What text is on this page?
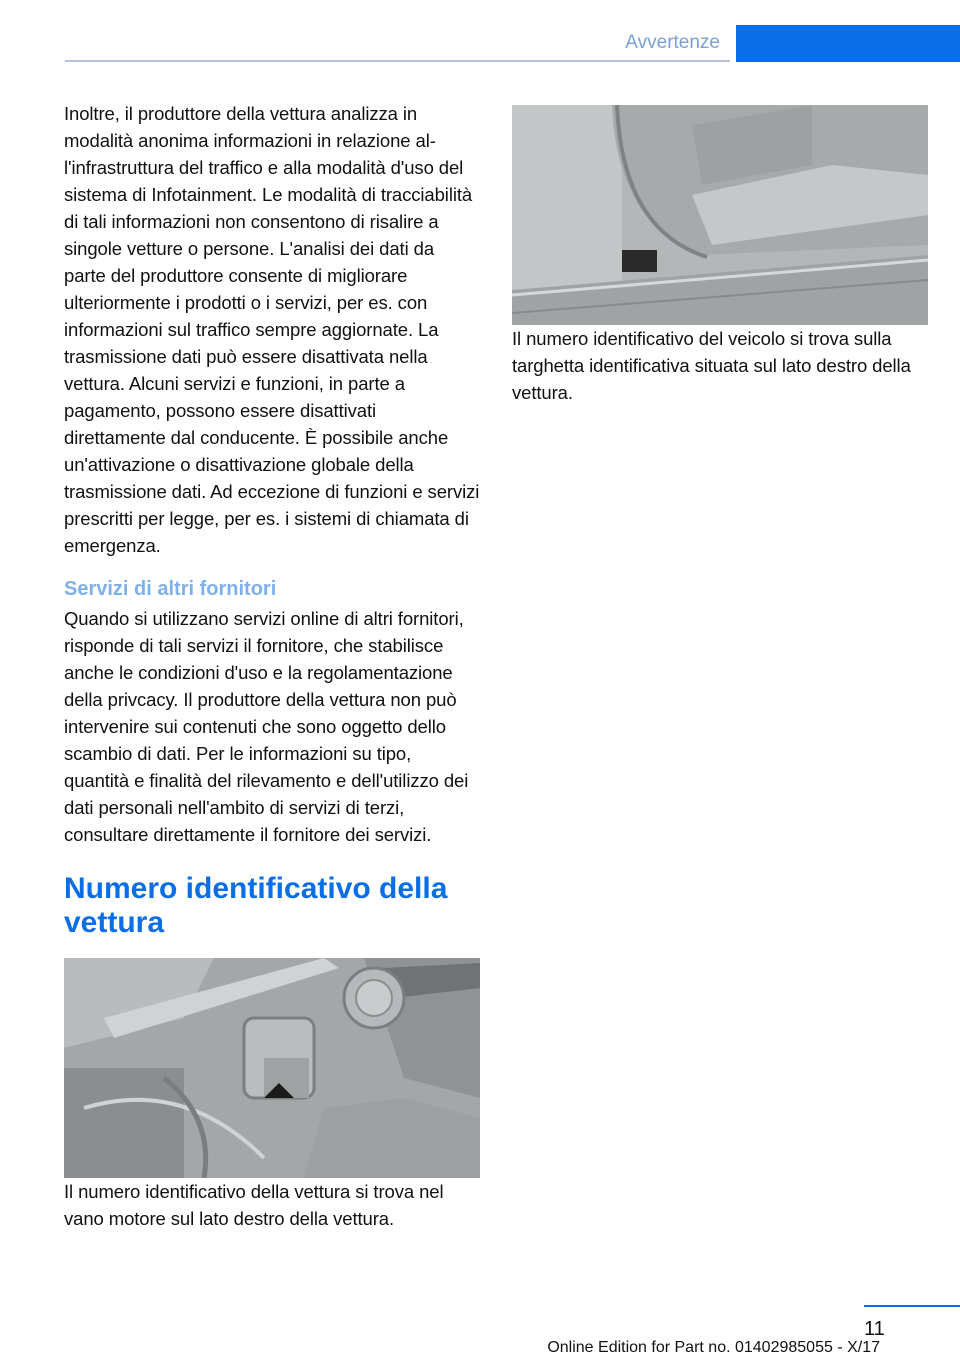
Avvertenze

Inoltre, il produttore della vettura analizza in modalità anonima informazioni in relazione all'infrastruttura del traffico e alla modalità d'uso del sistema di Infotainment. Le modalità di tracciabilità di tali informazioni non consentono di risalire a singole vetture o persone. L'analisi dei dati da parte del produttore consente di migliorare ulteriormente i prodotti o i servizi, per es. con informazioni sul traffico sempre aggiornate. La trasmissione dati può essere disattivata nella vettura. Alcuni servizi e funzioni, in parte a pagamento, possono essere disattivati direttamente dal conducente. È possibile anche un'attivazione o disattivazione globale della trasmissione dati. Ad eccezione di funzioni e servizi prescritti per legge, per es. i sistemi di chiamata di emergenza.

Servizi di altri fornitori

Quando si utilizzano servizi online di altri fornitori, risponde di tali servizi il fornitore, che stabilisce anche le condizioni d'uso e la regolamentazione della privcacy. Il produttore della vettura non può intervenire sui contenuti che sono oggetto dello scambio di dati. Per le informazioni su tipo, quantità e finalità del rilevamento e dell'utilizzo dei dati personali nell'ambito di servizi di terzi, consultare direttamente il fornitore dei servizi.

Numero identificativo della vettura

Il numero identificativo della vettura si trova nel vano motore sul lato destro della vettura.

Il numero identificativo del veicolo si trova sulla targhetta identificativa situata sul lato destro della vettura.

11
Online Edition for Part no. 01402985055 - X/17
